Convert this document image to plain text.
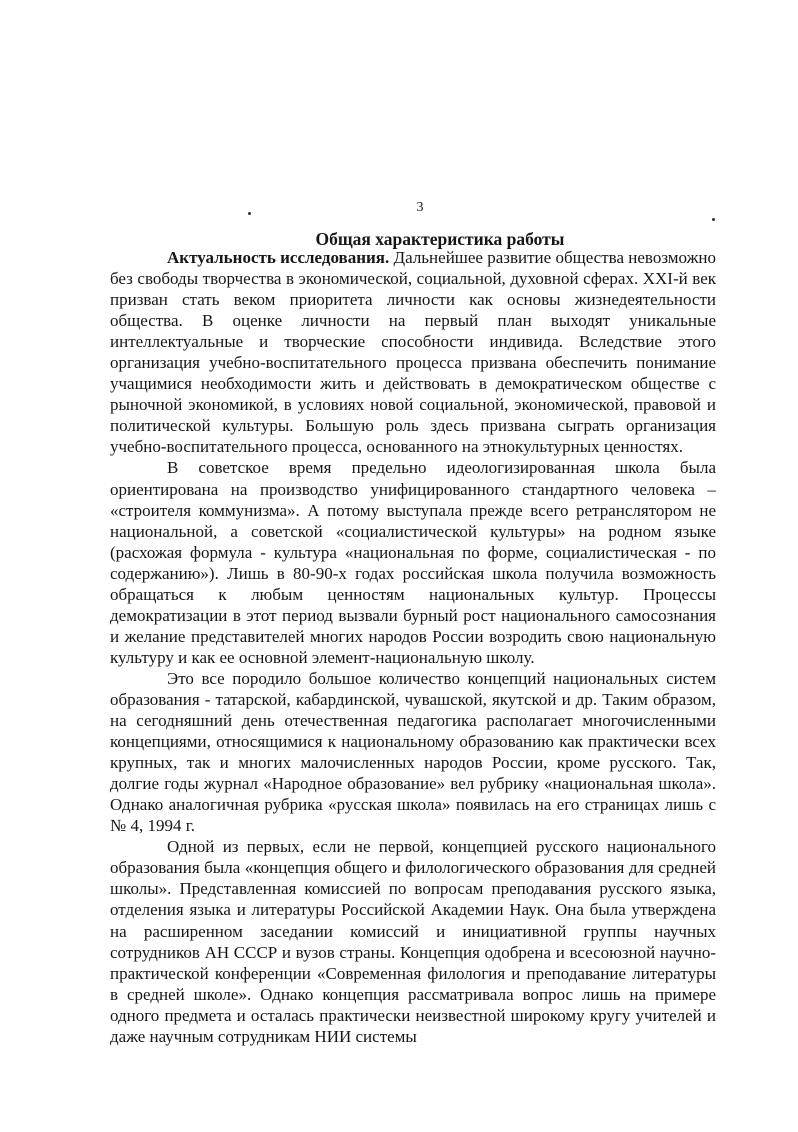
3
Общая характеристика работы

Актуальность исследования. Дальнейшее развитие общества невозможно без свободы творчества в экономической, социальной, духовной сферах. XXI-й век призван стать веком приоритета личности как основы жизнедеятельности общества. В оценке личности на первый план выходят уникальные интеллектуальные и творческие способности индивида. Вследствие этого организация учебно-воспитательного процесса призвана обеспечить понимание учащимися необходимости жить и действовать в демократическом обществе с рыночной экономикой, в условиях новой социальной, экономической, правовой и политической культуры. Большую роль здесь призвана сыграть организация учебно-воспитательного процесса, основанного на этнокультурных ценностях.

В советское время предельно идеологизированная школа была ориентирована на производство унифицированного стандартного человека – «строителя коммунизма». А потому выступала прежде всего ретранслятором не национальной, а советской «социалистической культуры» на родном языке (расхожая формула - культура «национальная по форме, социалистическая - по содержанию»). Лишь в 80-90-х годах российская школа получила возможность обращаться к любым ценностям национальных культур. Процессы демократизации в этот период вызвали бурный рост национального самосознания и желание представителей многих народов России возродить свою национальную культуру и как ее основной элемент-национальную школу.

Это все породило большое количество концепций национальных систем образования - татарской, кабардинской, чувашской, якутской и др. Таким образом, на сегодняшний день отечественная педагогика располагает многочисленными концепциями, относящимися к национальному образованию как практически всех крупных, так и многих малочисленных народов России, кроме русского. Так, долгие годы журнал «Народное образование» вел рубрику «национальная школа». Однако аналогичная рубрика «русская школа» появилась на его страницах лишь с № 4, 1994 г.

Одной из первых, если не первой, концепцией русского национального образования была «концепция общего и филологического образования для средней школы». Представленная комиссией по вопросам преподавания русского языка, отделения языка и литературы Российской Академии Наук. Она была утверждена на расширенном заседании комиссий и инициативной группы научных сотрудников АН СССР и вузов страны. Концепция одобрена и всесоюзной научно-практической конференции «Современная филология и преподавание литературы в средней школе». Однако концепция рассматривала вопрос лишь на примере одного предмета и осталась практически неизвестной широкому кругу учителей и даже научным сотрудникам НИИ системы
